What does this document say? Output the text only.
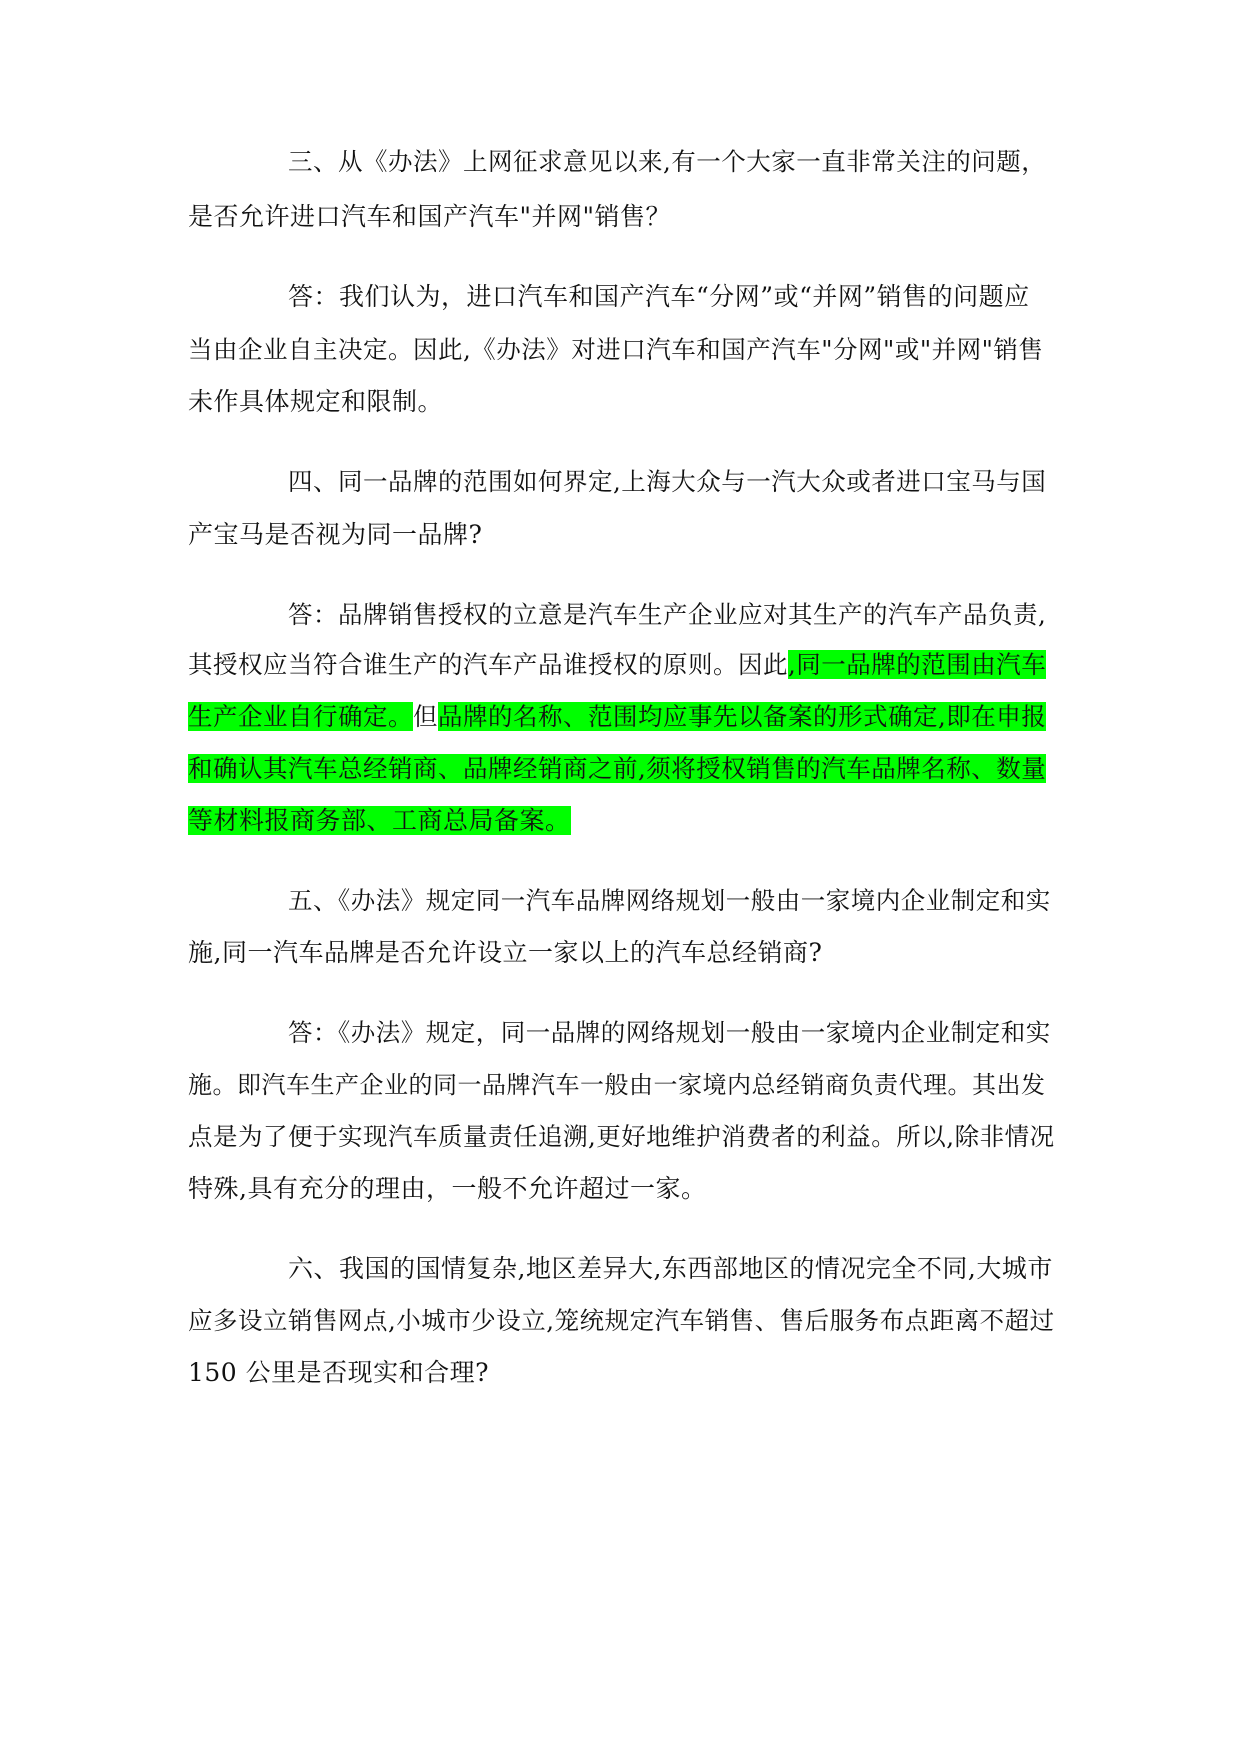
三、从《办法》上网征求意见以来,有一个大家一直非常关注的问题，
是否允许进口汽车和国产汽车"并网"销售？
答：我们认为，进口汽车和国产汽车“分网”或“并网”销售的问题应
当由企业自主决定。因此,《办法》对进口汽车和国产汽车"分网"或"并网"销售
未作具体规定和限制。
四、同一品牌的范围如何界定,上海大众与一汽大众或者进口宝马与国
产宝马是否视为同一品牌?
答：品牌销售授权的立意是汽车生产企业应对其生产的汽车产品负责,
其授权应当符合谁生产的汽车产品谁授权的原则。因此,同一品牌的范围由汽车
生产企业自行确定。但品牌的名称、范围均应事先以备案的形式确定,即在申报
和确认其汽车总经销商、品牌经销商之前,须将授权销售的汽车品牌名称、数量
等材料报商务部、工商总局备案。
五、《办法》规定同一汽车品牌网络规划一般由一家境内企业制定和实
施,同一汽车品牌是否允许设立一家以上的汽车总经销商?
答：《办法》规定，同一品牌的网络规划一般由一家境内企业制定和实
施。即汽车生产企业的同一品牌汽车一般由一家境内总经销商负责代理。其出发
点是为了便于实现汽车质量责任追溯,更好地维护消费者的利益。所以,除非情况
特殊,具有充分的理由，一般不允许超过一家。
六、我国的国情复杂,地区差异大,东西部地区的情况完全不同,大城市
应多设立销售网点,小城市少设立,笼统规定汽车销售、售后服务布点距离不超过
150 公里是否现实和合理?
